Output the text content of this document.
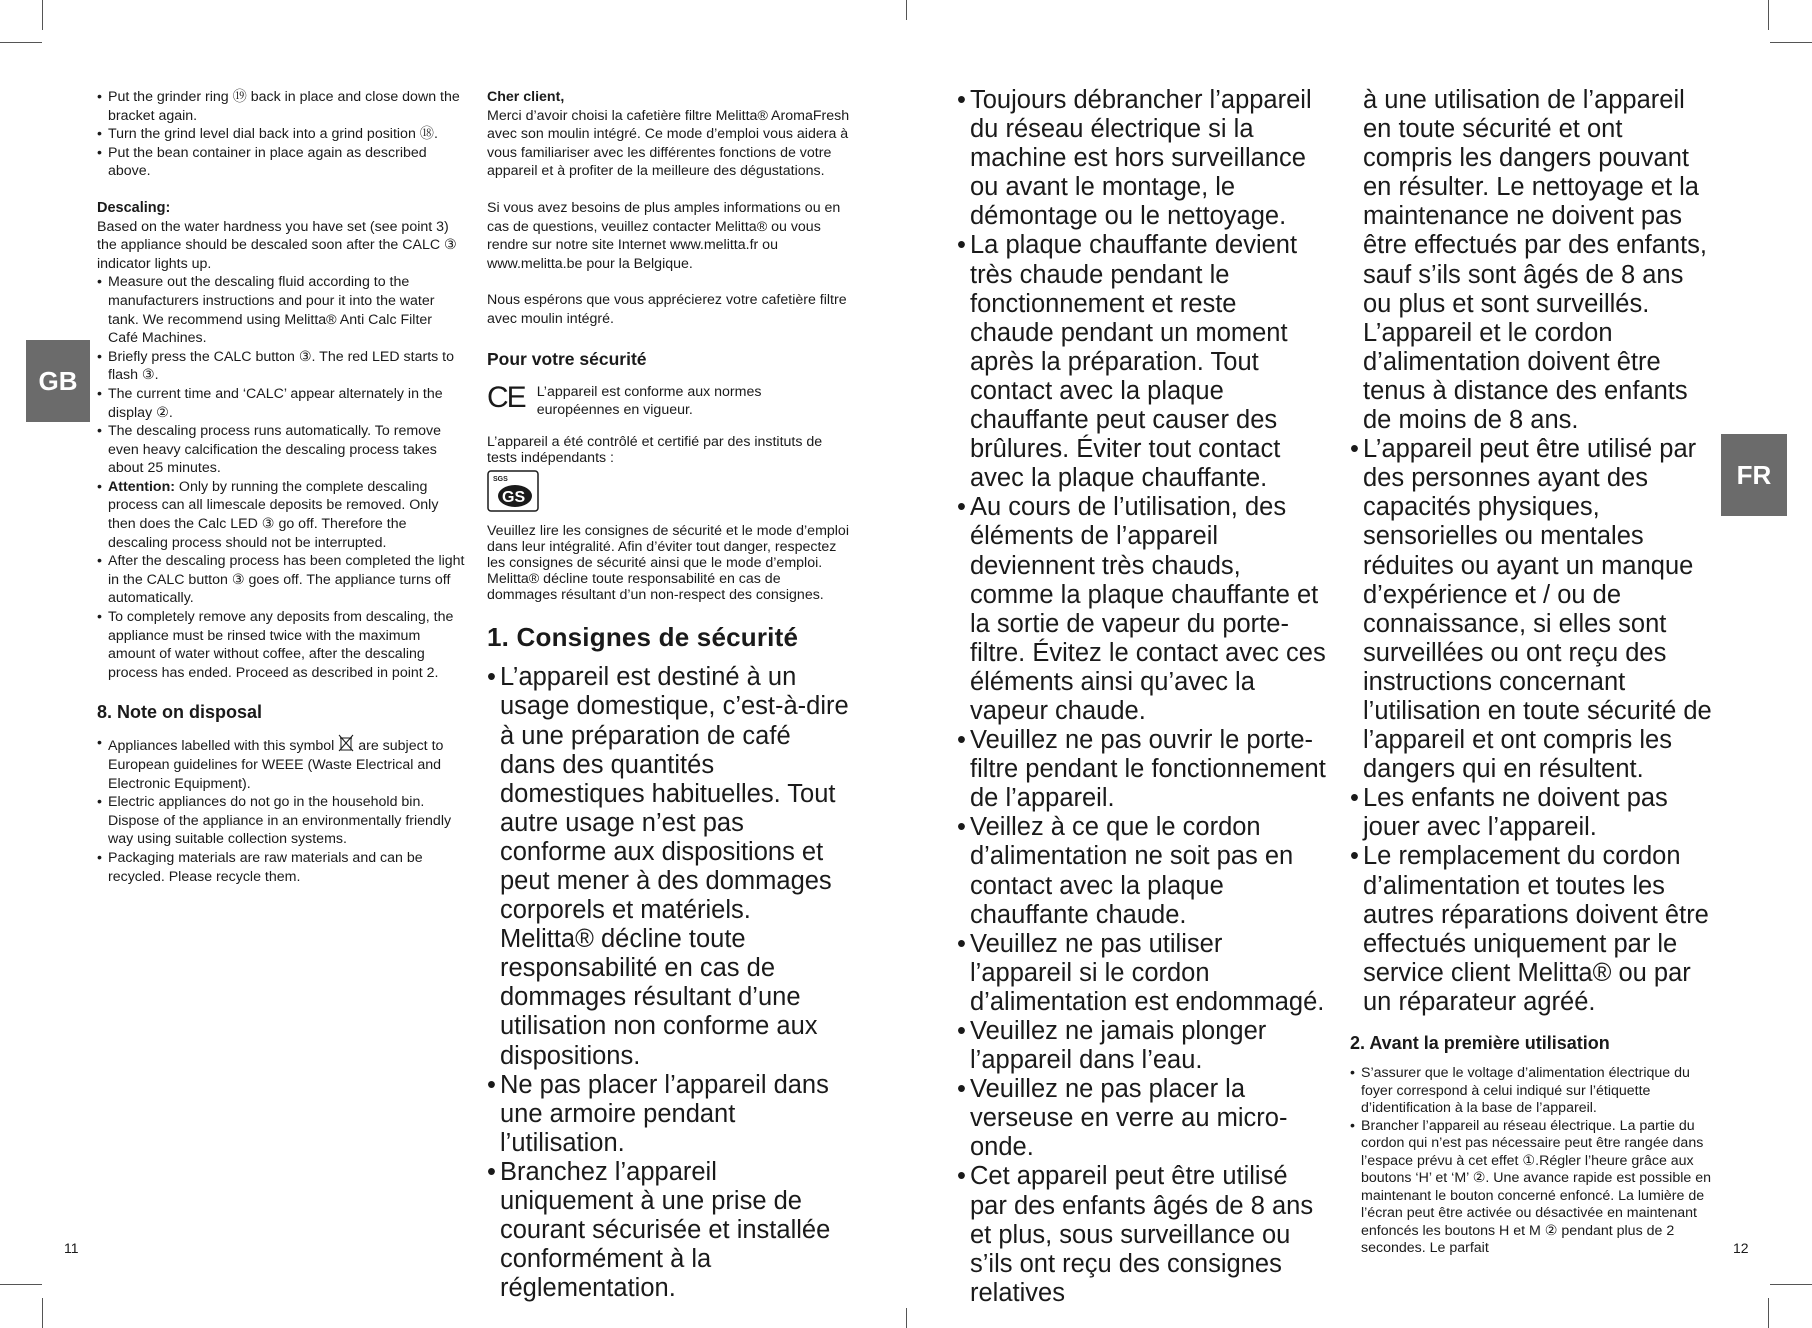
GB
FR
11	12
• Put the grinder ring ⑲ back in place and close down the bracket again.
• Turn the grind level dial back into a grind position ⑱.
• Put the bean container in place again as described above.

Descaling:

Based on the water hardness you have set (see point 3) the appliance should be descaled soon after the CALC ③ indicator lights up.

• Measure out the descaling fluid according to the manufacturers instructions and pour it into the water tank. We recommend using Melitta® Anti Calc Filter Café Machines.
• Briefly press the CALC button ③. The red LED starts to flash ③.
• The current time and ‘CALC’ appear alternately in the display ②.
• The descaling process runs automatically. To remove even heavy calcification the descaling process takes about 25 minutes.
• Attention: Only by running the complete descaling process can all limescale deposits be removed. Only then does the Calc LED ③ go off. Therefore the descaling process should not be interrupted.
• After the descaling process has been completed the light in the CALC button ③ goes off. The appliance turns off automatically.
• To completely remove any deposits from descaling, the appliance must be rinsed twice with the maximum amount of water without coffee, after the descaling process has ended. Proceed as described in point 2.

8. Note on disposal

• Appliances labelled with this symbol  are subject to European guidelines for WEEE (Waste Electrical and Electronic Equipment).
• Electric appliances do not go in the household bin. Dispose of the appliance in an environmentally friendly way using suitable collection systems.
• Packaging materials are raw materials and can be recycled. Please recycle them.

Cher client,

Merci d’avoir choisi la cafetière filtre Melitta® AromaFresh avec son moulin intégré. Ce mode d’emploi vous aidera à vous familiariser avec les différentes fonctions de votre appareil et à profiter de la meilleure des dégustations.

Si vous avez besoins de plus amples informations ou en cas de questions, veuillez contacter Melitta® ou vous rendre sur notre site Internet www.melitta.fr ou www.melitta.be pour la Belgique.

Nous espérons que vous apprécierez votre cafetière filtre avec moulin intégré.

Pour votre sécurité

CE L’appareil est conforme aux normes européennes en vigueur.

L’appareil a été contrôlé et certifié par des instituts de tests indépendants :

SGS
GS

Veuillez lire les consignes de sécurité et le mode d’emploi dans leur intégralité. Afin d’éviter tout danger, respectez les consignes de sécurité ainsi que le mode d’emploi. Melitta® décline toute responsabilité en cas de dommages résultant d’un non-respect des consignes.

1. Consignes de sécurité

• L’appareil est destiné à un usage domestique, c’est-à-dire à une préparation de café dans des quantités domestiques habituelles. Tout autre usage n’est pas conforme aux dispositions et peut mener à des dommages corporels et matériels. Melitta® décline toute responsabilité en cas de dommages résultant d’une utilisation non conforme aux dispositions.
• Ne pas placer l’appareil dans une armoire pendant l’utilisation.
• Branchez l’appareil uniquement à une prise de courant sécurisée et installée conformément à la réglementation.
• Toujours débrancher l’appareil du réseau électrique si la machine est hors surveillance ou avant le montage, le démontage ou le nettoyage.
• La plaque chauffante devient très chaude pendant le fonctionnement et reste chaude pendant un moment après la préparation. Tout contact avec la plaque chauffante peut causer des brûlures. Éviter tout contact avec la plaque chauffante.
• Au cours de l’utilisation, des éléments de l’appareil deviennent très chauds, comme la plaque chauffante et la sortie de vapeur du porte-filtre. Évitez le contact avec ces éléments ainsi qu’avec la vapeur chaude.
• Veuillez ne pas ouvrir le porte-filtre pendant le fonctionnement de l’appareil.
• Veillez à ce que le cordon d’alimentation ne soit pas en contact avec la plaque chauffante chaude.
• Veuillez ne pas utiliser l’appareil si le cordon d’alimentation est endommagé.
• Veuillez ne jamais plonger l’appareil dans l’eau.
• Veuillez ne pas placer la verseuse en verre au micro-onde.
• Cet appareil peut être utilisé par des enfants âgés de 8 ans et plus, sous surveillance ou s’ils ont reçu des consignes relatives

à une utilisation de l’appareil en toute sécurité et ont compris les dangers pouvant en résulter. Le nettoyage et la maintenance ne doivent pas être effectués par des enfants, sauf s’ils sont âgés de 8 ans ou plus et sont surveillés. L’appareil et le cordon d’alimentation doivent être tenus à distance des enfants de moins de 8 ans.

• L’appareil peut être utilisé par des personnes ayant des capacités physiques, sensorielles ou mentales réduites ou ayant un manque d’expérience et / ou de connaissance, si elles sont surveillées ou ont reçu des instructions concernant l’utilisation en toute sécurité de l’appareil et ont compris les dangers qui en résultent.
• Les enfants ne doivent pas jouer avec l’appareil.
• Le remplacement du cordon d’alimentation et toutes les autres réparations doivent être effectués uniquement par le service client Melitta® ou par un réparateur agréé.

2. Avant la première utilisation

• S’assurer que le voltage d’alimentation électrique du foyer correspond à celui indiqué sur l’étiquette d’identification à la base de l’appareil.
• Brancher l’appareil au réseau électrique. La partie du cordon qui n’est pas nécessaire peut être rangée dans l’espace prévu à cet effet ①.Régler l’heure grâce aux boutons ‘H’ et ‘M’ ②. Une avance rapide est possible en maintenant le bouton concerné enfoncé. La lumière de l’écran peut être activée ou désactivée en maintenant enfoncés les boutons H et M ② pendant plus de 2 secondes. Le parfait
